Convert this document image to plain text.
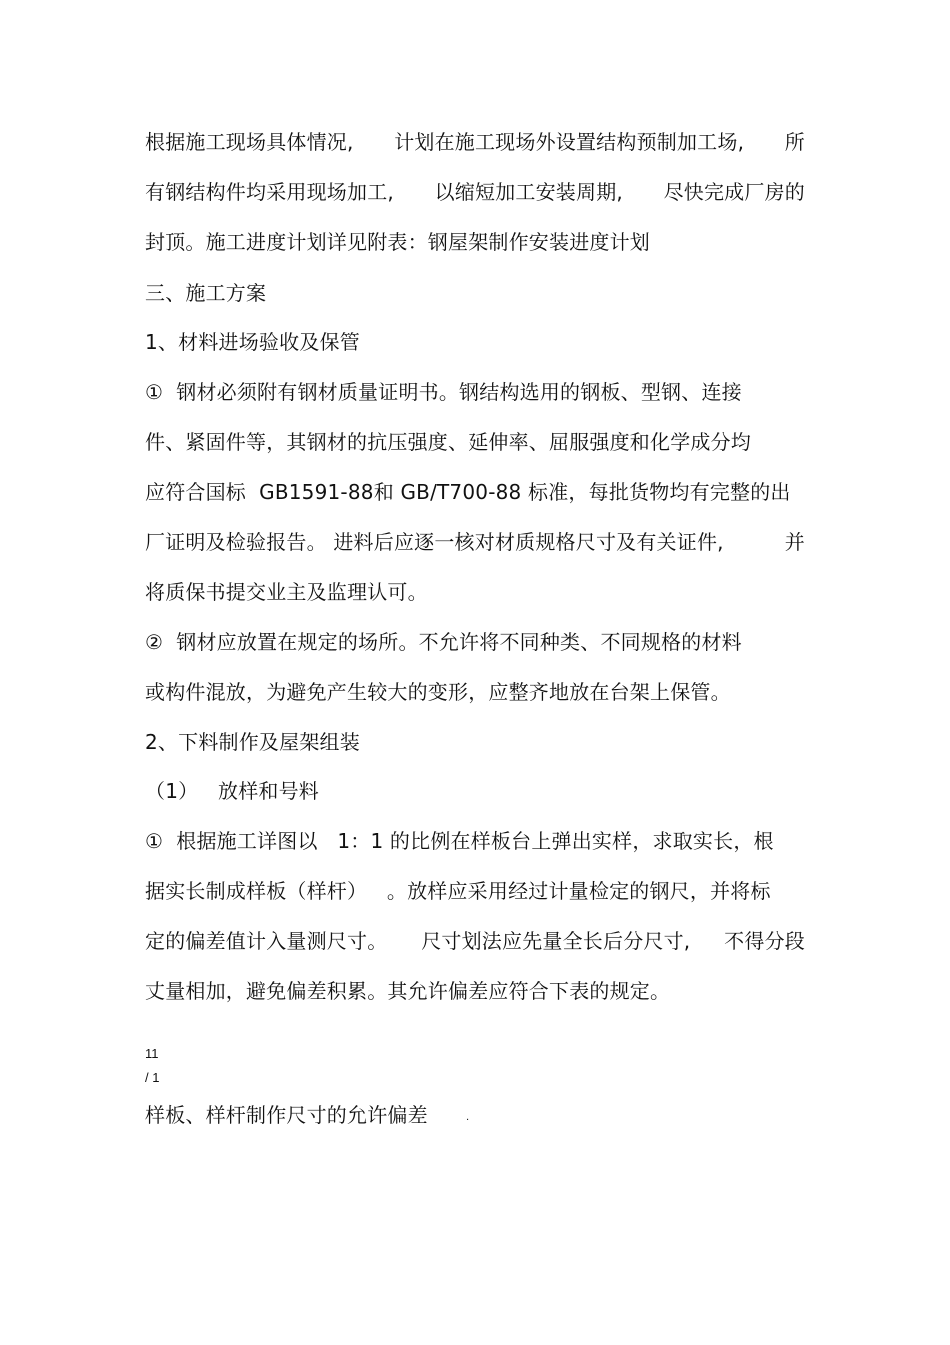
根据施工现场具体情况, 计划在施工现场外设置结构预制加工场, 所
有钢结构件均采用现场加工, 以缩短加工安装周期, 尽快完成厂房的
封顶。施工进度计划详见附表：钢屋架制作安装进度计划
三、施工方案
1、材料进场验收及保管
①  钢材必须附有钢材质量证明书。钢结构选用的钢板、型钢、连接
件、紧固件等，其钢材的抗压强度、延伸率、屈服强度和化学成分均
应符合国标  GB1591-88和 GB/T700-88 标准，每批货物均有完整的出
厂证明及检验报告。 进料后应逐一核对材质规格尺寸及有关证件,	并
将质保书提交业主及监理认可。
②  钢材应放置在规定的场所。不允许将不同种类、不同规格的材料
或构件混放，为避免产生较大的变形，应整齐地放在台架上保管。
2、下料制作及屋架组装
（1）   放样和号料
①  根据施工详图以   1：1 的比例在样板台上弹出实样，求取实长，根
据实长制成样板（样杆）   。放样应采用经过计量检定的钢尺，并将标
定的偏差值计入量测尺寸。 尺寸划法应先量全长后分尺寸, 不得分段
丈量相加，避免偏差积累。其允许偏差应符合下表的规定。
11
/ 1
样板、样杆制作尺寸的允许偏差	.
